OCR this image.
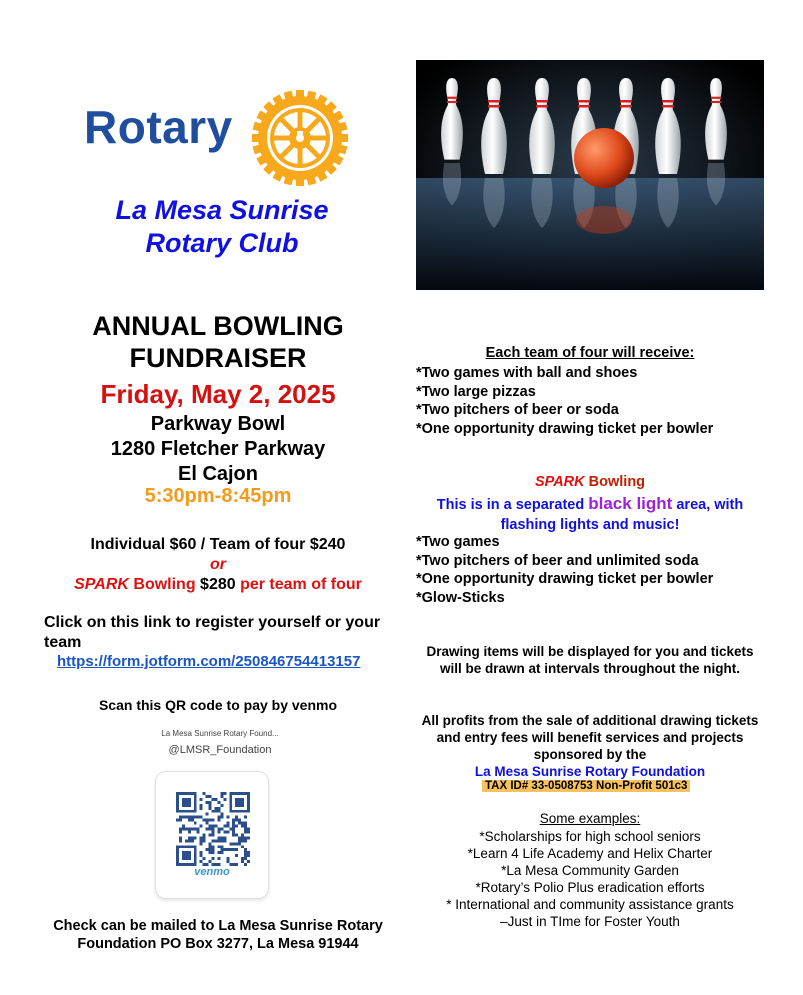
Rotary
La Mesa Sunrise
Rotary Club
ANNUAL BOWLING
FUNDRAISER
Friday, May 2, 2025
Parkway Bowl
1280 Fletcher Parkway
El Cajon
5:30pm-8:45pm
Individual $60 / Team of four $240
or
SPARK Bowling $280 per team of four
Click on this link to register yourself or your team
https://form.jotform.com/250846754413157
Scan this QR code to pay by venmo
La Mesa Sunrise Rotary Found...
@LMSR_Foundation
venmo
Check can be mailed to La Mesa Sunrise Rotary Foundation PO Box 3277, La Mesa 91944
Each team of four will receive:
*Two games with ball and shoes
*Two large pizzas
*Two pitchers of beer or soda
*One opportunity drawing ticket per bowler
SPARK Bowling
This is in a separated black light area, with flashing lights and music!
*Two games
*Two pitchers of beer and unlimited soda
*One opportunity drawing ticket per bowler
*Glow-Sticks
Drawing items will be displayed for you and tickets will be drawn at intervals throughout the night.
All profits from the sale of additional drawing tickets and entry fees will benefit services and projects sponsored by the
La Mesa Sunrise Rotary Foundation
TAX ID# 33-0508753 Non-Profit 501c3
Some examples:
*Scholarships for high school seniors
*Learn 4 Life Academy and Helix Charter
*La Mesa Community Garden
*Rotary’s Polio Plus eradication efforts
* International and community assistance grants
–Just in TIme for Foster Youth
